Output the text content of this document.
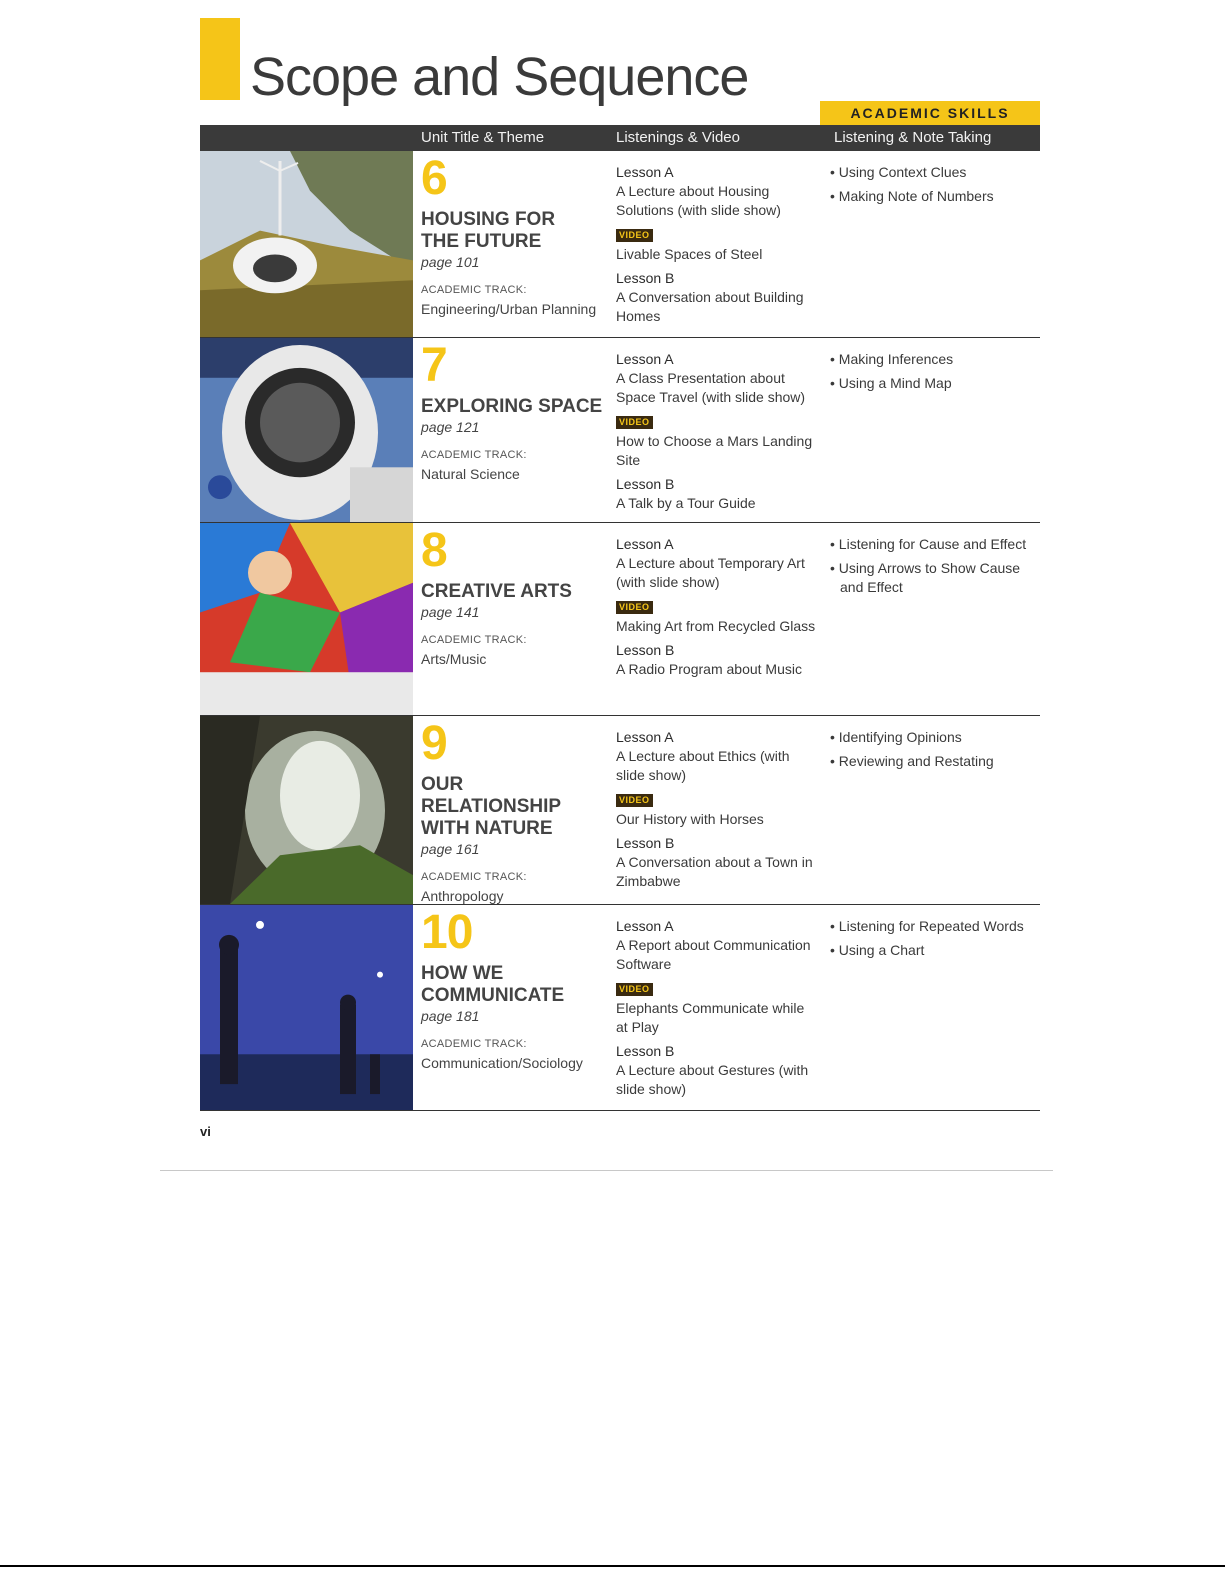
Scope and Sequence
ACADEMIC SKILLS
Unit Title & Theme	Listenings & Video	Listening & Note Taking
6
HOUSING FOR
THE FUTURE
page 101
ACADEMIC TRACK:
Engineering/Urban Planning
Lesson A
A Lecture about Housing Solutions (with slide show)
VIDEO
Livable Spaces of Steel
Lesson B
A Conversation about Building Homes
• Using Context Clues
• Making Note of Numbers
7
EXPLORING SPACE
page 121
ACADEMIC TRACK:
Natural Science
Lesson A
A Class Presentation about Space Travel (with slide show)
VIDEO
How to Choose a Mars Landing Site
Lesson B
A Talk by a Tour Guide
• Making Inferences
• Using a Mind Map
8
CREATIVE ARTS
page 141
ACADEMIC TRACK:
Arts/Music
Lesson A
A Lecture about Temporary Art (with slide show)
VIDEO
Making Art from Recycled Glass
Lesson B
A Radio Program about Music
• Listening for Cause and Effect
• Using Arrows to Show Cause and Effect
9
OUR RELATIONSHIP
WITH NATURE
page 161
ACADEMIC TRACK:
Anthropology
Lesson A
A Lecture about Ethics (with slide show)
VIDEO
Our History with Horses
Lesson B
A Conversation about a Town in Zimbabwe
• Identifying Opinions
• Reviewing and Restating
10
HOW WE
COMMUNICATE
page 181
ACADEMIC TRACK:
Communication/Sociology
Lesson A
A Report about Communication Software
VIDEO
Elephants Communicate while at Play
Lesson B
A Lecture about Gestures (with slide show)
• Listening for Repeated Words
• Using a Chart
vi
